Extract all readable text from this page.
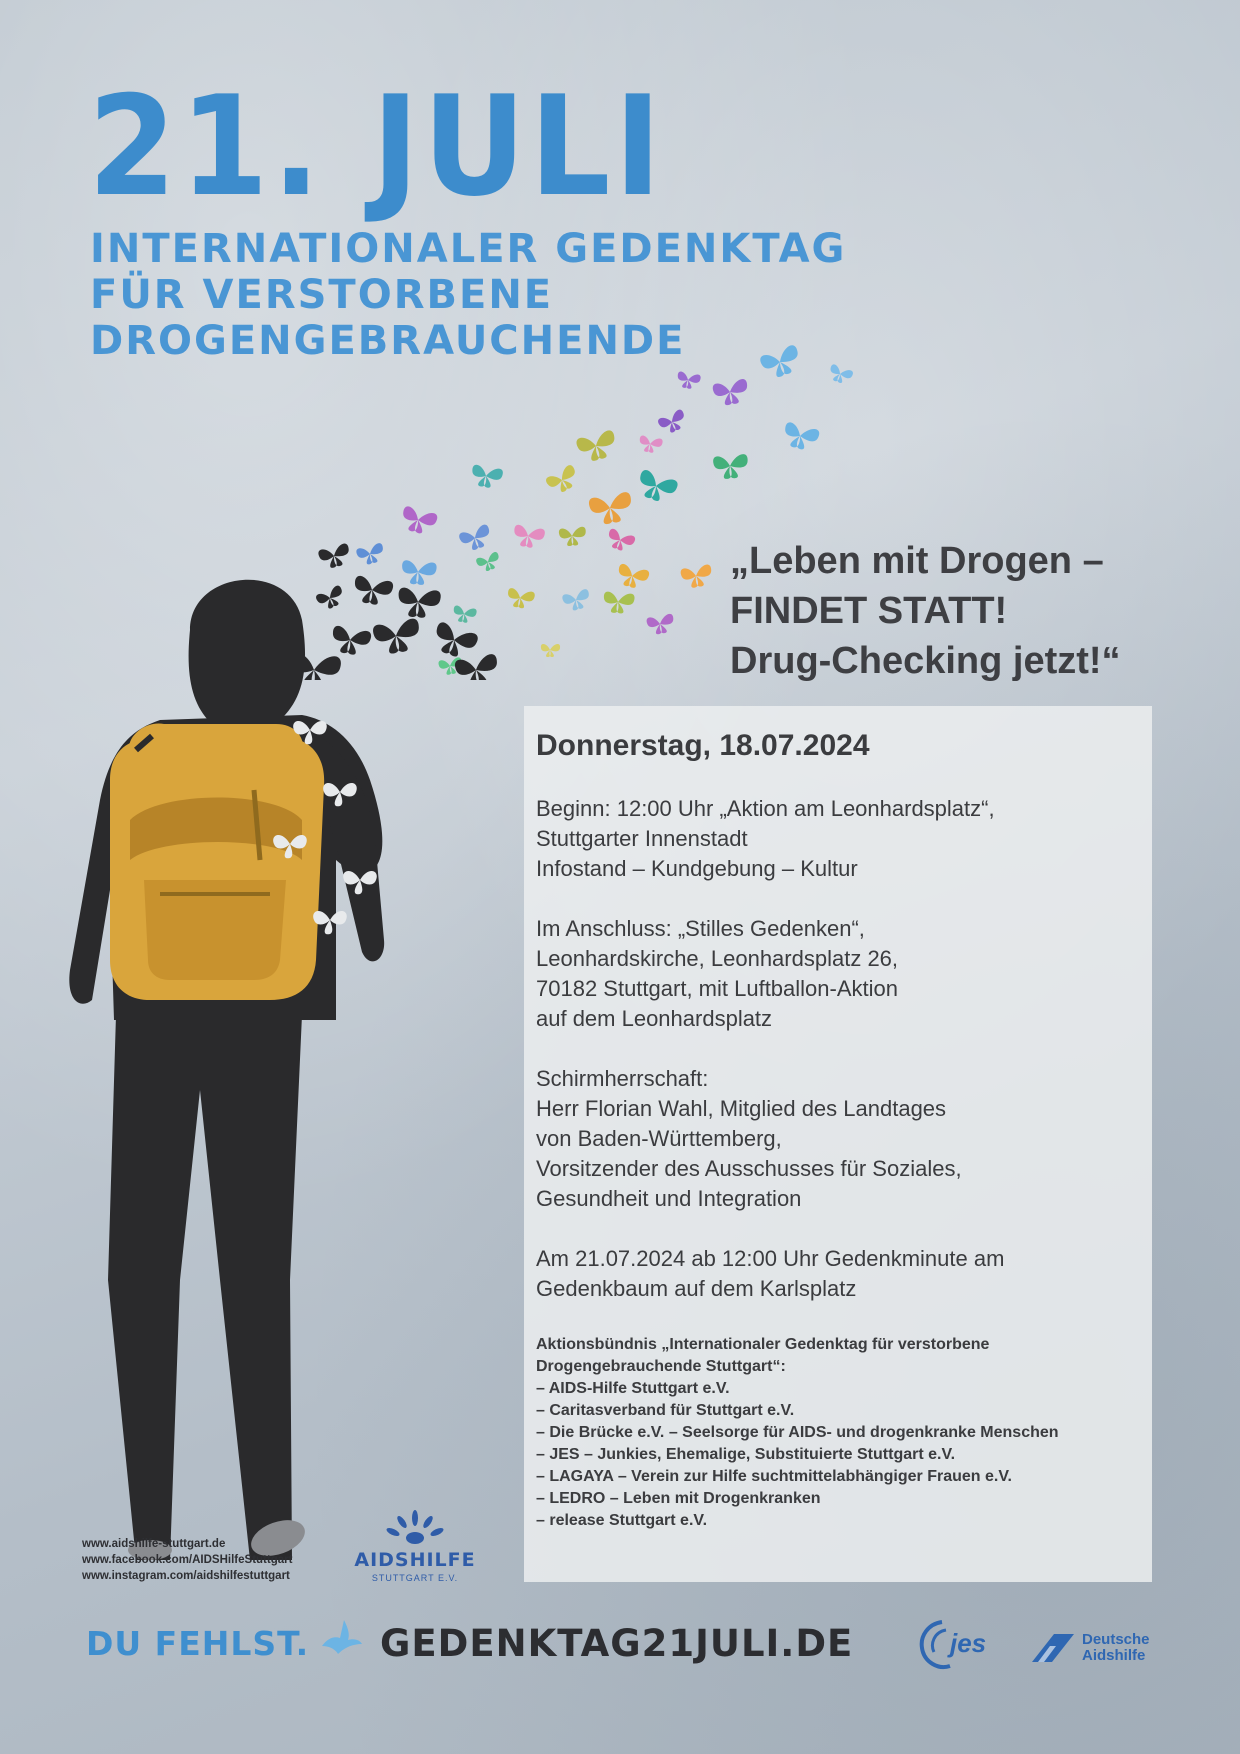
21. JULI
INTERNATIONALER GEDENKTAG
FÜR VERSTORBENE
DROGENGEBRAUCHENDE
„Leben mit Drogen –
FINDET STATT!
Drug-Checking jetzt!“
Donnerstag, 18.07.2024
Beginn: 12:00 Uhr „Aktion am Leonhardsplatz“,
Stuttgarter Innenstadt
Infostand – Kundgebung – Kultur
Im Anschluss: „Stilles Gedenken“,
Leonhardskirche, Leonhardsplatz 26,
70182 Stuttgart, mit Luftballon-Aktion
auf dem Leonhardsplatz
Schirmherrschaft:
Herr Florian Wahl, Mitglied des Landtages
von Baden-Württemberg,
Vorsitzender des Ausschusses für Soziales,
Gesundheit und Integration
Am 21.07.2024 ab 12:00 Uhr Gedenkminute am
Gedenkbaum auf dem Karlsplatz
Aktionsbündnis „Internationaler Gedenktag für verstorbene
Drogengebrauchende Stuttgart“:
– AIDS-Hilfe Stuttgart e.V.
– Caritasverband für Stuttgart e.V.
– Die Brücke e.V. – Seelsorge für AIDS- und drogenkranke Menschen
– JES – Junkies, Ehemalige, Substituierte Stuttgart e.V.
– LAGAYA – Verein zur Hilfe suchtmittelabhängiger Frauen e.V.
– LEDRO – Leben mit Drogenkranken
– release Stuttgart e.V.
www.aidshilfe-stuttgart.de
www.facebook.com/AIDSHilfeStuttgart
www.instagram.com/aidshilfestuttgart
AIDSHILFE
STUTTGART E.V.
DU FEHLST. GEDENKTAG21JULI.DE	jes	Deutsche
Aidshilfe
